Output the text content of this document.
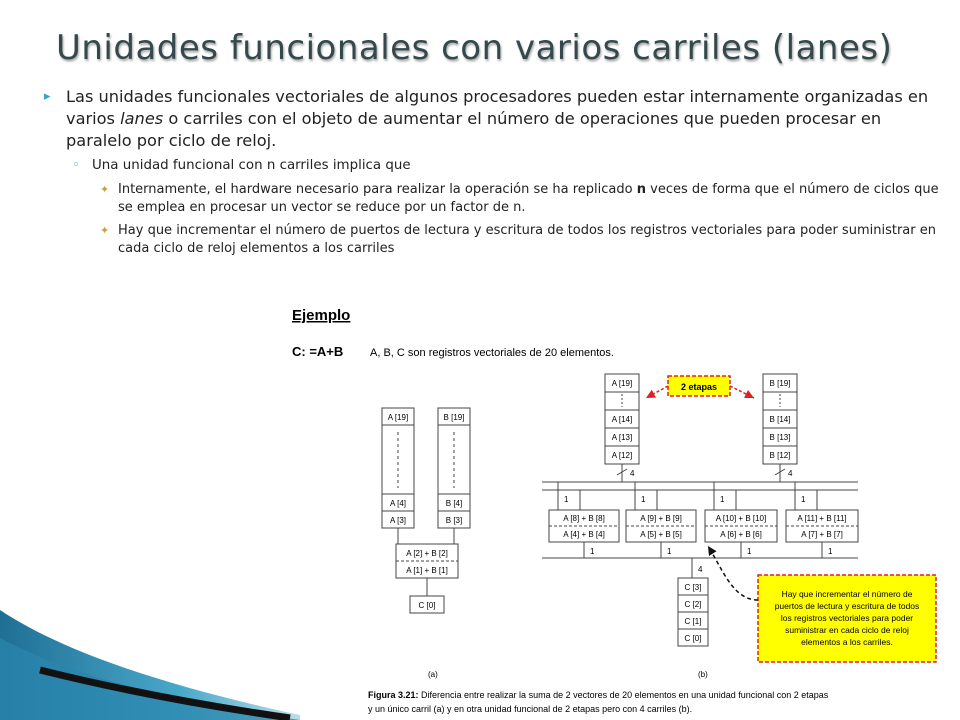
Unidades funcionales con varios carriles (lanes)
▸ Las unidades funcionales vectoriales de algunos procesadores pueden estar internamente organizadas en varios lanes o carriles con el objeto de aumentar el número de operaciones que pueden procesar en paralelo por ciclo de reloj.
◦ Una unidad funcional con n carriles implica que
✦ Internamente, el hardware necesario para realizar la operación se ha replicado n veces de forma que el número de ciclos que se emplea en procesar un vector se reduce por un factor de n.
✦ Hay que incrementar el número de puertos de lectura y escritura de todos los registros vectoriales para poder suministrar en cada ciclo de reloj elementos a los carriles
Ejemplo
C: =A+B A, B, C son registros vectoriales de 20 elementos.
A [19]
A [4]
A [3]
B [19]
B [4]
B [3]
A [2] + B [2]
A [1] + B [1]
C [0]
A [19]
A [14]
A [13]
A [12]
B [19]
B [14]
B [13]
B [12]
2 etapas
4	4
A [8] + B [8]
A [4] + B [4]
A [9] + B [9]
A [5] + B [5]
A [10] + B [10]
A [6] + B [6]
A [11] + B [11]
A [7] + B [7]
1	1	1	1
1	1	1	1
4
C [3]
C [2]
C [1]
C [0]
Hay que incrementar el número de
puertos de lectura y escritura de todos
los registros vectoriales para poder
suministrar en cada ciclo de reloj
elementos a los carriles.
(a)	(b)
Figura 3.21: Diferencia entre realizar la suma de 2 vectores de 20 elementos en una unidad funcional con 2 etapas
y un único carril (a) y en otra unidad funcional de 2 etapas pero con 4 carriles (b).
